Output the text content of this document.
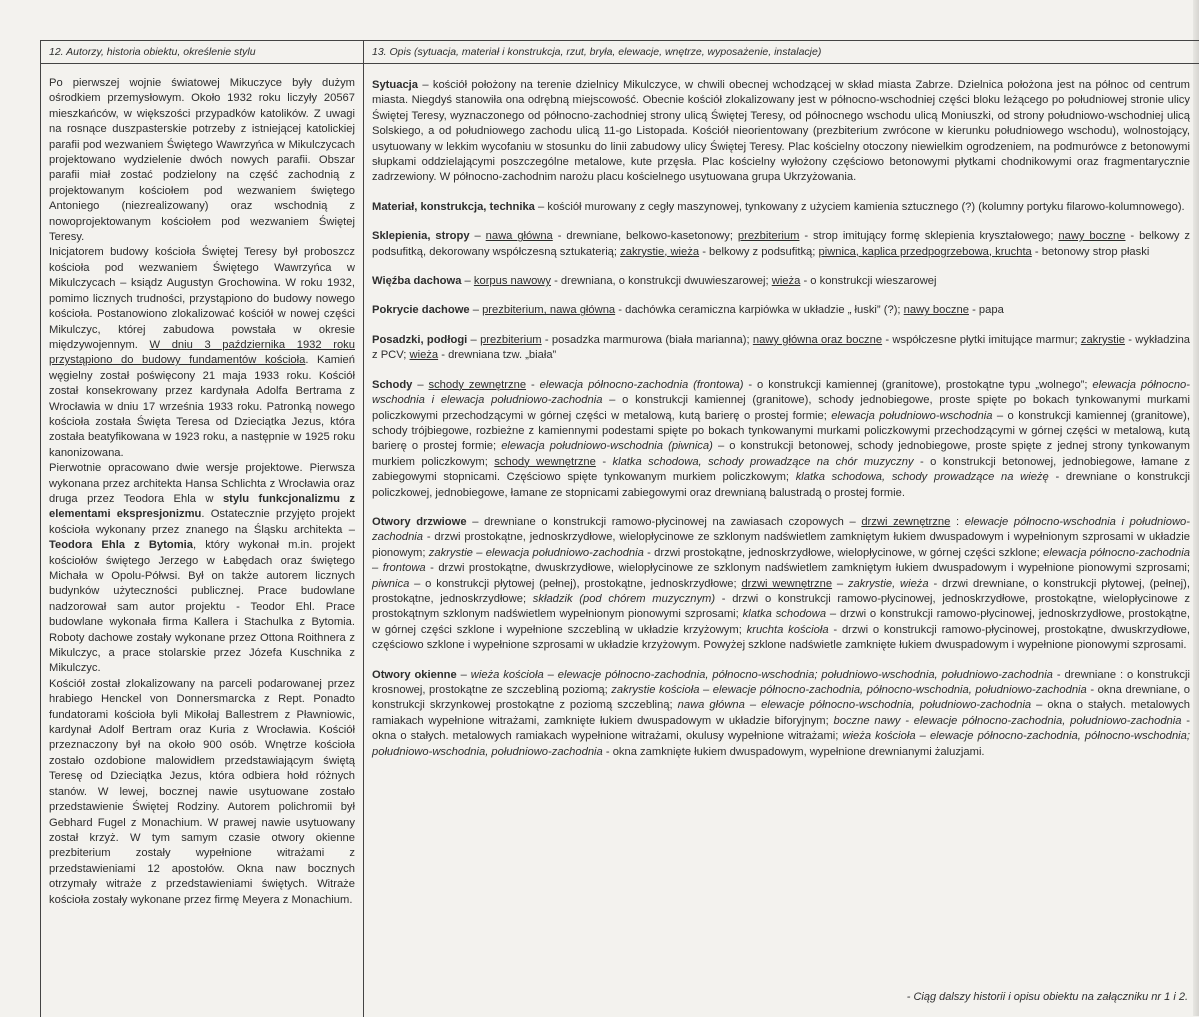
12. Autorzy, historia obiektu, określenie stylu

Po pierwszej wojnie światowej Mikuczyce były dużym ośrodkiem przemysłowym. Około 1932 roku liczyły 20567 mieszkańców, w większości przypadków katolików. Z uwagi na rosnące duszpasterskie potrzeby z istniejącej katolickiej parafii pod wezwaniem Świętego Wawrzyńca w Mikulczycach projektowano wydzielenie dwóch nowych parafii. Obszar parafii miał zostać podzielony na część zachodnią z projektowanym kościołem pod wezwaniem świętego Antoniego (niezrealizowany) oraz wschodnią z nowoprojektowanym kościołem pod wezwaniem Świętej Teresy.

Inicjatorem budowy kościoła Świętej Teresy był proboszcz kościoła pod wezwaniem Świętego Wawrzyńca w Mikulczycach – ksiądz Augustyn Grochowina. W roku 1932, pomimo licznych trudności, przystąpiono do budowy nowego kościoła. Postanowiono zlokalizować kościół w nowej części Mikulczyc, której zabudowa powstała w okresie międzywojennym. W dniu 3 października 1932 roku przystąpiono do budowy fundamentów kościoła. Kamień węgielny został poświęcony 21 maja 1933 roku. Kościół został konsekrowany przez kardynała Adolfa Bertrama z Wrocławia w dniu 17 września 1933 roku. Patronką nowego kościoła została Święta Teresa od Dzieciątka Jezus, która została beatyfikowana w 1923 roku, a następnie w 1925 roku kanonizowana.

Pierwotnie opracowano dwie wersje projektowe. Pierwsza wykonana przez architekta Hansa Schlichta z Wrocławia oraz druga przez Teodora Ehla w stylu funkcjonalizmu z elementami ekspresjonizmu. Ostatecznie przyjęto projekt kościoła wykonany przez znanego na Śląsku architekta – Teodora Ehla z Bytomia, który wykonał m.in. projekt kościołów świętego Jerzego w Łabędach oraz świętego Michała w Opolu-Półwsi. Był on także autorem licznych budynków użyteczności publicznej. Prace budowlane nadzorował sam autor projektu - Teodor Ehl. Prace budowlane wykonała firma Kallera i Stachulka z Bytomia. Roboty dachowe zostały wykonane przez Ottona Roithnera z Mikulczyc, a prace stolarskie przez Józefa Kuschnika z Mikulczyc.

Kościół został zlokalizowany na parceli podarowanej przez hrabiego Henckel von Donnersmarcka z Rept. Ponadto fundatorami kościoła byli Mikołaj Ballestrem z Pławniowic, kardynał Adolf Bertram oraz Kuria z Wrocławia. Kościół przeznaczony był na około 900 osób. Wnętrze kościoła zostało ozdobione malowidłem przedstawiającym świętą Teresę od Dzieciątka Jezus, która odbiera hołd różnych stanów. W lewej, bocznej nawie usytuowane zostało przedstawienie Świętej Rodziny. Autorem polichromii był Gebhard Fugel z Monachium. W prawej nawie usytuowany został krzyż. W tym samym czasie otwory okienne prezbiterium zostały wypełnione witrażami z przedstawieniami 12 apostołów. Okna naw bocznych otrzymały witraże z przedstawieniami świętych. Witraże kościoła zostały wykonane przez firmę Meyera z Monachium.

13. Opis (sytuacja, materiał i konstrukcja, rzut, bryła, elewacje, wnętrze, wyposażenie, instalacje)

Sytuacja – kościół położony na terenie dzielnicy Mikulczyce, w chwili obecnej wchodzącej w skład miasta Zabrze. Dzielnica położona jest na północ od centrum miasta. Niegdyś stanowiła ona odrębną miejscowość. Obecnie kościół zlokalizowany jest w północno-wschodniej części bloku leżącego po południowej stronie ulicy Świętej Teresy, wyznaczonego od północno-zachodniej strony ulicą Świętej Teresy, od północnego wschodu ulicą Moniuszki, od strony południowo-wschodniej ulicą Solskiego, a od południowego zachodu ulicą 11-go Listopada. Kościół nieorientowany (prezbiterium zwrócone w kierunku południowego wschodu), wolnostojący, usytuowany w lekkim wycofaniu w stosunku do linii zabudowy ulicy Świętej Teresy. Plac kościelny otoczony niewielkim ogrodzeniem, na podmurówce z betonowymi słupkami oddzielającymi poszczególne metalowe, kute przęsła. Plac kościelny wyłożony częściowo betonowymi płytkami chodnikowymi oraz fragmentarycznie zadrzewiony. W północno-zachodnim narożu placu kościelnego usytuowana grupa Ukrzyżowania.

Materiał, konstrukcja, technika – kościół murowany z cegły maszynowej, tynkowany z użyciem kamienia sztucznego (?) (kolumny portyku filarowo-kolumnowego).

Sklepienia, stropy – nawa główna - drewniane, belkowo-kasetonowy; prezbiterium - strop imitujący formę sklepienia kryształowego; nawy boczne - belkowy z podsufitką, dekorowany współczesną sztukaterią; zakrystie, wieża - belkowy z podsufitką; piwnica, kaplica przedpogrzebowa, kruchta - betonowy strop płaski

Więźba dachowa – korpus nawowy - drewniana, o konstrukcji dwuwieszarowej; wieża - o konstrukcji wieszarowej

Pokrycie dachowe – prezbiterium, nawa główna - dachówka ceramiczna karpiówka w układzie „ łuski” (?); nawy boczne - papa

Posadzki, podłogi – prezbiterium - posadzka marmurowa (biała marianna); nawy główna oraz boczne - współczesne płytki imitujące marmur; zakrystie - wykładzina z PCV; wieża - drewniana tzw. „biała”

Schody – schody zewnętrzne - elewacja północno-zachodnia (frontowa) - o konstrukcji kamiennej (granitowe), prostokątne typu „wolnego”; elewacja północno-wschodnia i elewacja południowo-zachodnia – o konstrukcji kamiennej (granitowe), schody jednobiegowe, proste spięte po bokach tynkowanymi murkami policzkowymi przechodzącymi w górnej części w metalową, kutą barierę o prostej formie; elewacja południowo-wschodnia – o konstrukcji kamiennej (granitowe), schody trójbiegowe, rozbieżne z kamiennymi podestami spięte po bokach tynkowanymi murkami policzkowymi przechodzącymi w górnej części w metalową, kutą barierę o prostej formie; elewacja południowo-wschodnia (piwnica) – o konstrukcji betonowej, schody jednobiegowe, proste spięte z jednej strony tynkowanym murkiem policzkowym; schody wewnętrzne - klatka schodowa, schody prowadzące na chór muzyczny - o konstrukcji betonowej, jednobiegowe, łamane z zabiegowymi stopnicami. Częściowo spięte tynkowanym murkiem policzkowym; klatka schodowa, schody prowadzące na wieżę - drewniane o konstrukcji policzkowej, jednobiegowe, łamane ze stopnicami zabiegowymi oraz drewnianą balustradą o prostej formie.

Otwory drzwiowe – drewniane o konstrukcji ramowo-płycinowej na zawiasach czopowych – drzwi zewnętrzne : elewacje północno-wschodnia i południowo-zachodnia - drzwi prostokątne, jednoskrzydłowe, wielopłycinowe ze szklonym nadświetlem zamkniętym łukiem dwuspadowym i wypełnionym szprosami w układzie pionowym; zakrystie – elewacja południowo-zachodnia - drzwi prostokątne, jednoskrzydłowe, wielopłycinowe, w górnej części szklone; elewacja północno-zachodnia – frontowa - drzwi prostokątne, dwuskrzydłowe, wielopłycinowe ze szklonym nadświetlem zamkniętym łukiem dwuspadowym i wypełnione pionowymi szprosami; piwnica – o konstrukcji płytowej (pełnej), prostokątne, jednoskrzydłowe; drzwi wewnętrzne – zakrystie, wieża - drzwi drewniane, o konstrukcji płytowej, (pełnej), prostokątne, jednoskrzydłowe; składzik (pod chórem muzycznym) - drzwi o konstrukcji ramowo-płycinowej, jednoskrzydłowe, prostokątne, wielopłycinowe z prostokątnym szklonym nadświetlem wypełnionym pionowymi szprosami; klatka schodowa – drzwi o konstrukcji ramowo-płycinowej, jednoskrzydłowe, prostokątne, w górnej części szklone i wypełnione szczebliną w układzie krzyżowym; kruchta kościoła - drzwi o konstrukcji ramowo-płycinowej, prostokątne, dwuskrzydłowe, częściowo szklone i wypełnione szprosami w układzie krzyżowym. Powyżej szklone nadświetle zamknięte łukiem dwuspadowym i wypełnione pionowymi szprosami.

Otwory okienne – wieża kościoła – elewacje północno-zachodnia, północno-wschodnia; południowo-wschodnia, południowo-zachodnia - drewniane : o konstrukcji krosnowej, prostokątne ze szczebliną poziomą; zakrystie kościoła – elewacje północno-zachodnia, północno-wschodnia, południowo-zachodnia - okna drewniane, o konstrukcji skrzynkowej prostokątne z poziomą szczebliną; nawa główna – elewacje północno-wschodnia, południowo-zachodnia – okna o stałych. metalowych ramiakach wypełnione witrażami, zamknięte łukiem dwuspadowym w układzie biforyjnym; boczne nawy - elewacje północno-zachodnia, południowo-zachodnia - okna o stałych. metalowych ramiakach wypełnione witrażami, okulusy wypełnione witrażami; wieża kościoła – elewacje północno-zachodnia, północno-wschodnia; południowo-wschodnia, południowo-zachodnia - okna zamknięte łukiem dwuspadowym, wypełnione drewnianymi żaluzjami.

- Ciąg dalszy historii i opisu obiektu na załączniku nr 1 i 2.
